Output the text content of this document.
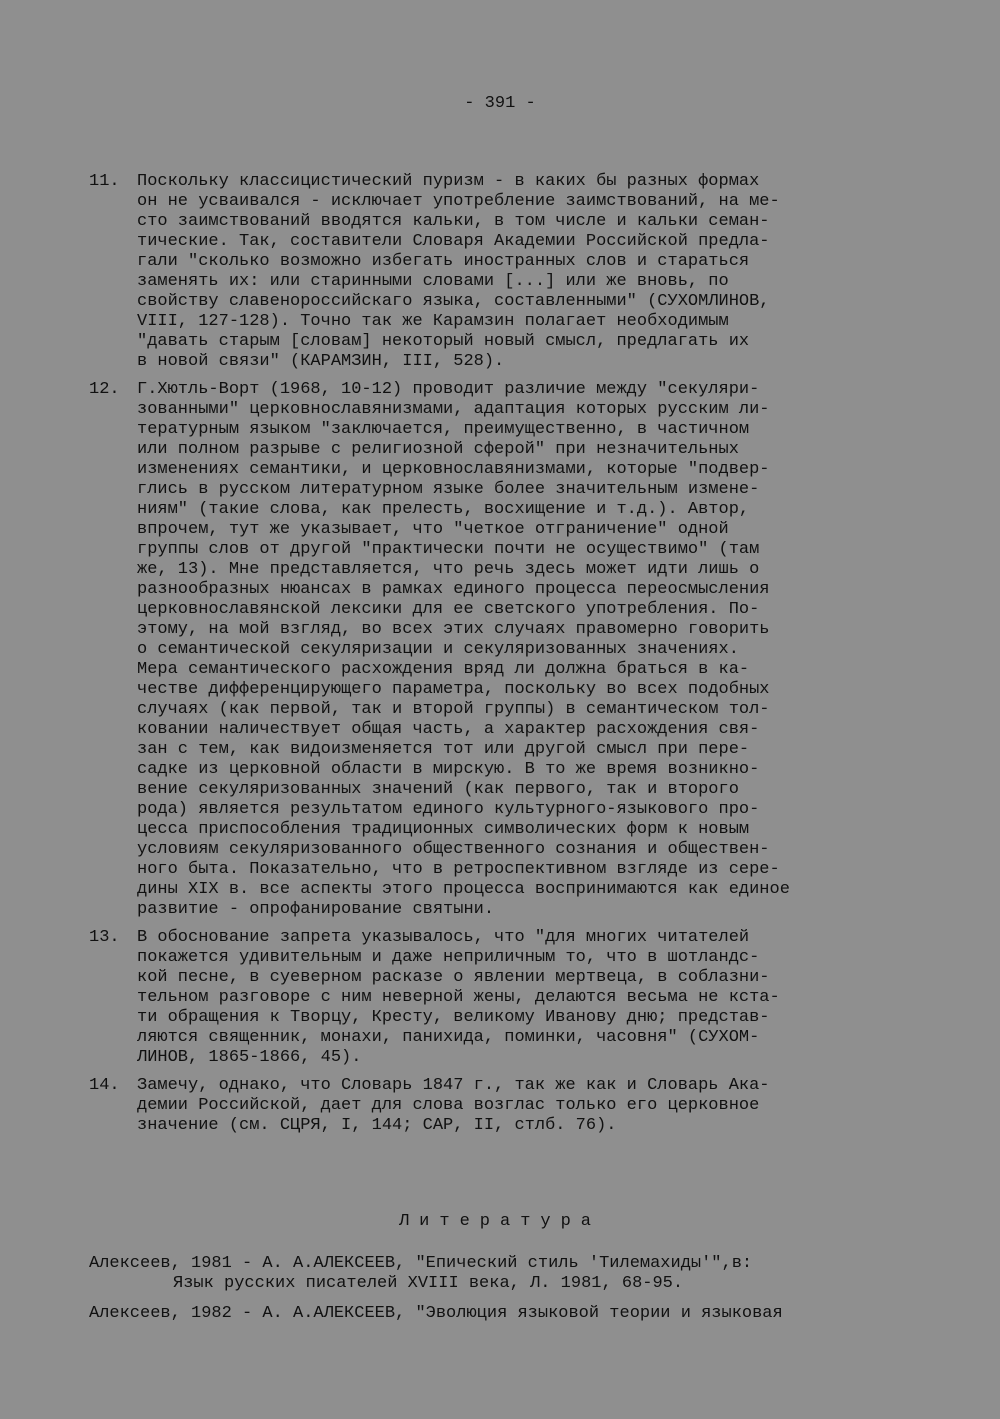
- 391 -
11.	Поскольку классицистический пуризм - в каких бы разных формах
он не усваивался - исключает употребление заимствований, на ме-
сто заимствований вводятся кальки, в том числе и кальки семан-
тические. Так, составители Словаря Академии Российской предла-
гали "сколько возможно избегать иностранных слов и стараться
заменять их: или старинными словами [...] или же вновь, по
свойству славенороссийскаго языка, составленными" (СУХОМЛИНОВ,
VIII, 127-128). Точно так же Карамзин полагает необходимым
"давать старым [словам] некоторый новый смысл, предлагать их
в новой связи" (КАРАМЗИН, III, 528).
12.	Г.Хютль-Ворт (1968, 10-12) проводит различие между "секуляри-
зованными" церковнославянизмами, адаптация которых русским ли-
тературным языком "заключается, преимущественно, в частичном
или полном разрыве с религиозной сферой" при незначительных
изменениях семантики, и церковнославянизмами, которые "подвер-
глись в русском литературном языке более значительным измене-
ниям" (такие слова, как прелесть, восхищение и т.д.). Автор,
впрочем, тут же указывает, что "четкое отграничение" одной
группы слов от другой "практически почти не осуществимо" (там
же, 13). Мне представляется, что речь здесь может идти лишь о
разнообразных нюансах в рамках единого процесса переосмысления
церковнославянской лексики для ее светского употребления. По-
этому, на мой взгляд, во всех этих случаях правомерно говорить
о семантической секуляризации и секуляризованных значениях.
Мера семантического расхождения вряд ли должна браться в ка-
честве дифференцирующего параметра, поскольку во всех подобных
случаях (как первой, так и второй группы) в семантическом тол-
ковании наличествует общая часть, а характер расхождения свя-
зан с тем, как видоизменяется тот или другой смысл при пере-
садке из церковной области в мирскую. В то же время возникно-
вение секуляризованных значений (как первого, так и второго
рода) является результатом единого культурного-языкового про-
цесса приспособления традиционных символических форм к новым
условиям секуляризованного общественного сознания и обществен-
ного быта. Показательно, что в ретроспективном взгляде из сере-
дины XIX в. все аспекты этого процесса воспринимаются как единое
развитие - опрофанирование святыни.
13.	В обоснование запрета указывалось, что "для многих читателей
покажется удивительным и даже неприличным то, что в шотландс-
кой песне, в суеверном расказе о явлении мертвеца, в соблазни-
тельном разговоре с ним неверной жены, делаются весьма не кста-
ти обращения к Творцу, Кресту, великому Иванову дню; представ-
ляются священник, монахи, панихида, поминки, часовня" (СУХОМ-
ЛИНОВ, 1865-1866, 45).
14.	Замечу, однако, что Словарь 1847 г., так же как и Словарь Ака-
демии Российской, дает для слова возглас только его церковное
значение (см. СЦРЯ, I, 144; САР, II, стлб. 76).
Литература
Алексеев, 1981 - А. А.АЛЕКСЕЕВ, "Епический стиль 'Тилемахиды'",в:
Язык русских писателей XVIII века, Л. 1981, 68-95.
Алексеев, 1982 - А. А.АЛЕКСЕЕВ, "Эволюция языковой теории и языковая
